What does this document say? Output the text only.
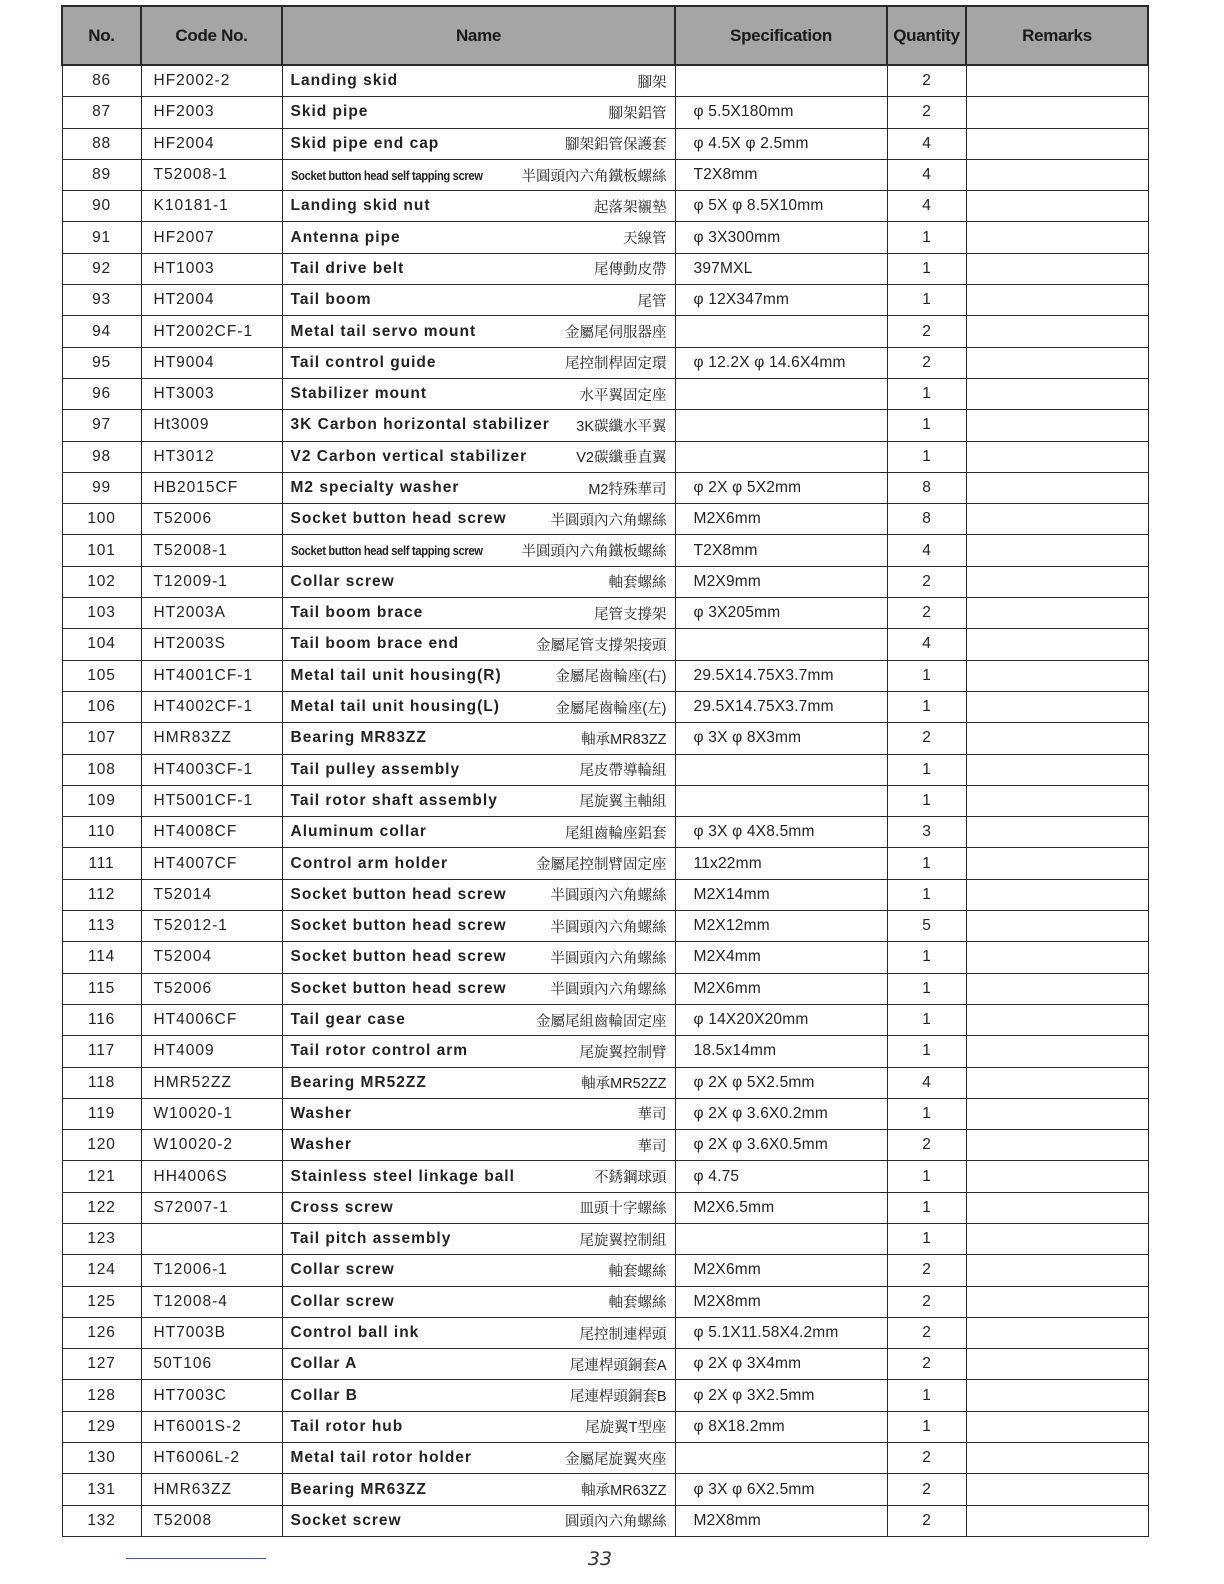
No.	Code No.	Name	Specification	Quantity	Remarks
86	HF2002-2	Landing skid 腳架		2	
87	HF2003	Skid pipe 腳架鋁管	φ 5.5X180mm	2	
88	HF2004	Skid pipe end cap 腳架鋁管保護套	φ 4.5X φ 2.5mm	4	
89	T52008-1	Socket button head self tapping screw 半圓頭內六角鐵板螺絲	T2X8mm	4	
90	K10181-1	Landing skid nut 起落架襯墊	φ 5X φ 8.5X10mm	4	
91	HF2007	Antenna pipe 天線管	φ 3X300mm	1	
92	HT1003	Tail drive belt 尾傳動皮帶	397MXL	1	
93	HT2004	Tail boom 尾管	φ 12X347mm	1	
94	HT2002CF-1	Metal tail servo mount 金屬尾伺服器座		2	
95	HT9004	Tail control guide 尾控制桿固定環	φ 12.2X φ 14.6X4mm	2	
96	HT3003	Stabilizer mount 水平翼固定座		1	
97	Ht3009	3K Carbon horizontal stabilizer 3K碳纖水平翼		1	
98	HT3012	V2 Carbon vertical stabilizer V2碳纖垂直翼		1	
99	HB2015CF	M2 specialty washer M2特殊華司	φ 2X φ 5X2mm	8	
100	T52006	Socket button head screw 半圓頭內六角螺絲	M2X6mm	8	
101	T52008-1	Socket button head self tapping screw 半圓頭內六角鐵板螺絲	T2X8mm	4	
102	T12009-1	Collar screw 軸套螺絲	M2X9mm	2	
103	HT2003A	Tail boom brace 尾管支撐架	φ 3X205mm	2	
104	HT2003S	Tail boom brace end 金屬尾管支撐架接頭		4	
105	HT4001CF-1	Metal tail unit housing(R) 金屬尾齒輪座(右)	29.5X14.75X3.7mm	1	
106	HT4002CF-1	Metal tail unit housing(L) 金屬尾齒輪座(左)	29.5X14.75X3.7mm	1	
107	HMR83ZZ	Bearing MR83ZZ 軸承MR83ZZ	φ 3X φ 8X3mm	2	
108	HT4003CF-1	Tail pulley assembly 尾皮帶導輪組		1	
109	HT5001CF-1	Tail rotor shaft assembly 尾旋翼主軸組		1	
110	HT4008CF	Aluminum collar 尾組齒輪座鋁套	φ 3X φ 4X8.5mm	3	
111	HT4007CF	Control arm holder 金屬尾控制臂固定座	11x22mm	1	
112	T52014	Socket button head screw 半圓頭內六角螺絲	M2X14mm	1	
113	T52012-1	Socket button head screw 半圓頭內六角螺絲	M2X12mm	5	
114	T52004	Socket button head screw 半圓頭內六角螺絲	M2X4mm	1	
115	T52006	Socket button head screw 半圓頭內六角螺絲	M2X6mm	1	
116	HT4006CF	Tail gear case 金屬尾組齒輪固定座	φ 14X20X20mm	1	
117	HT4009	Tail rotor control arm 尾旋翼控制臂	18.5x14mm	1	
118	HMR52ZZ	Bearing MR52ZZ 軸承MR52ZZ	φ 2X φ 5X2.5mm	4	
119	W10020-1	Washer 華司	φ 2X φ 3.6X0.2mm	1	
120	W10020-2	Washer 華司	φ 2X φ 3.6X0.5mm	2	
121	HH4006S	Stainless steel linkage ball 不銹鋼球頭	φ 4.75	1	
122	S72007-1	Cross screw 皿頭十字螺絲	M2X6.5mm	1	
123		Tail pitch assembly 尾旋翼控制組		1	
124	T12006-1	Collar screw 軸套螺絲	M2X6mm	2	
125	T12008-4	Collar screw 軸套螺絲	M2X8mm	2	
126	HT7003B	Control ball ink 尾控制連桿頭	φ 5.1X11.58X4.2mm	2	
127	50T106	Collar A 尾連桿頭銅套A	φ 2X φ 3X4mm	2	
128	HT7003C	Collar B 尾連桿頭銅套B	φ 2X φ 3X2.5mm	1	
129	HT6001S-2	Tail rotor hub 尾旋翼T型座	φ 8X18.2mm	1	
130	HT6006L-2	Metal tail rotor holder 金屬尾旋翼夾座		2	
131	HMR63ZZ	Bearing MR63ZZ 軸承MR63ZZ	φ 3X φ 6X2.5mm	2	
132	T52008	Socket screw 圓頭內六角螺絲	M2X8mm	2	
33
